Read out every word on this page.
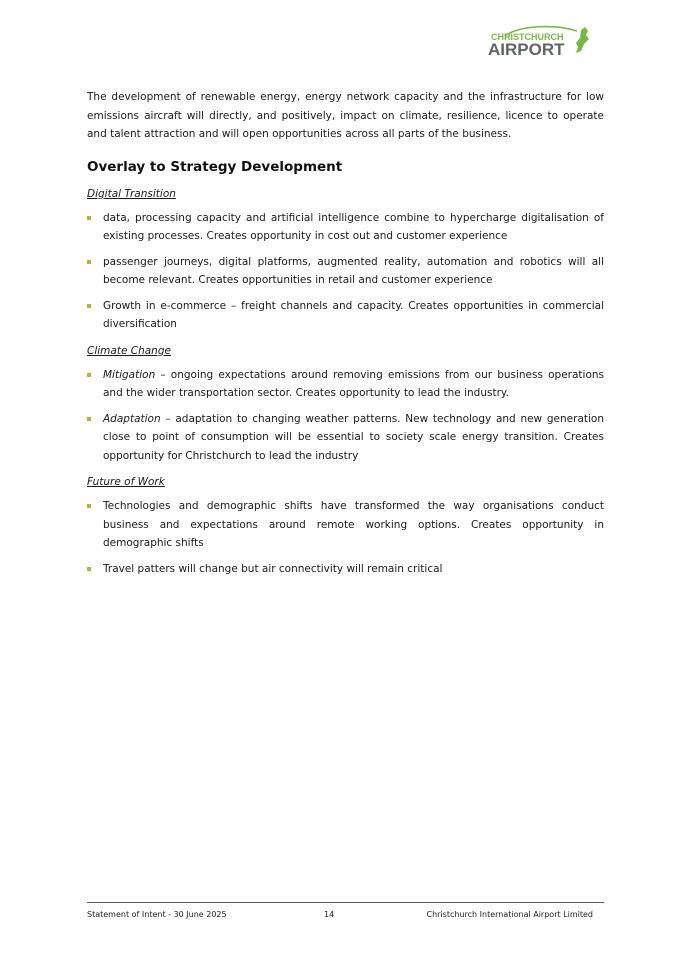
CHRISTCHURCH
AIRPORT

The development of renewable energy, energy network capacity and the infrastructure for low emissions aircraft will directly, and positively, impact on climate, resilience, licence to operate and talent attraction and will open opportunities across all parts of the business.

Overlay to Strategy Development

Digital Transition

data, processing capacity and artificial intelligence combine to hypercharge digitalisation of existing processes. Creates opportunity in cost out and customer experience
passenger journeys, digital platforms, augmented reality, automation and robotics will all become relevant. Creates opportunities in retail and customer experience
Growth in e-commerce – freight channels and capacity. Creates opportunities in commercial diversification

Climate Change

Mitigation – ongoing expectations around removing emissions from our business operations and the wider transportation sector. Creates opportunity to lead the industry.
Adaptation – adaptation to changing weather patterns. New technology and new generation close to point of consumption will be essential to society scale energy transition. Creates opportunity for Christchurch to lead the industry

Future of Work

Technologies and demographic shifts have transformed the way organisations conduct business and expectations around remote working options. Creates opportunity in demographic shifts
Travel patters will change but air connectivity will remain critical
Statement of Intent - 30 June 2025	14	Christchurch International Airport Limited
